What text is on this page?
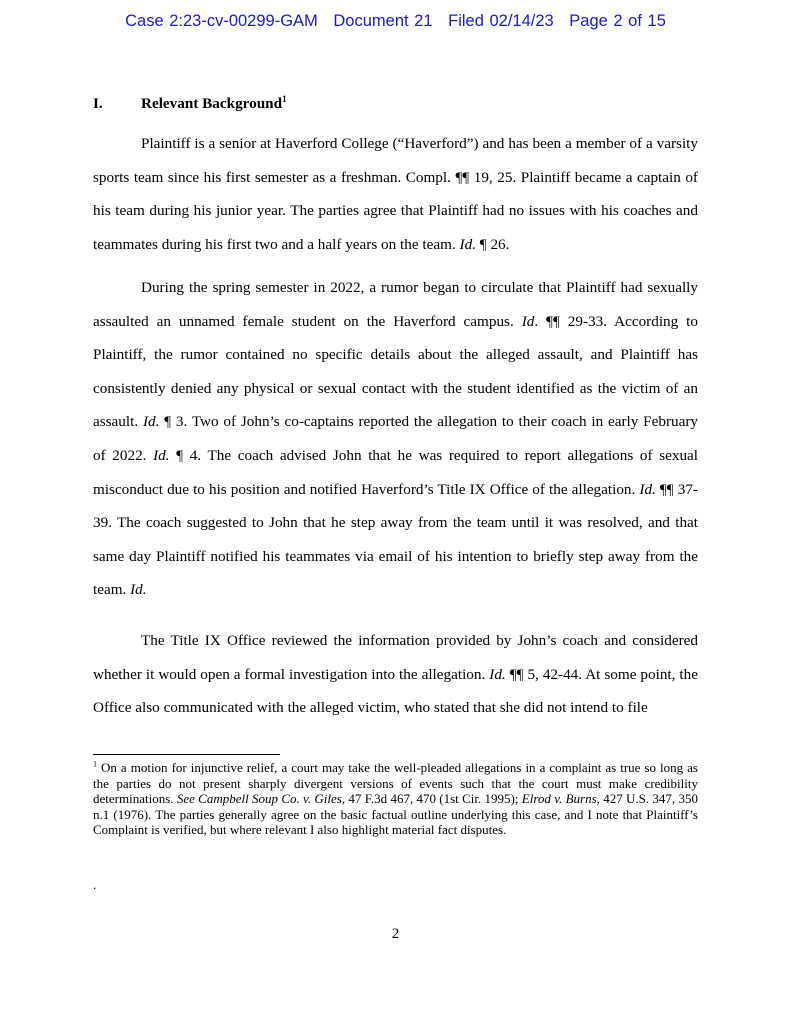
Case 2:23-cv-00299-GAM Document 21 Filed 02/14/23 Page 2 of 15
I.	Relevant Background$^1$

Plaintiff is a senior at Haverford College (“Haverford”) and has been a member of a varsity sports team since his first semester as a freshman. Compl. ¶¶ 19, 25. Plaintiff became a captain of his team during his junior year. The parties agree that Plaintiff had no issues with his coaches and teammates during his first two and a half years on the team. Id. ¶ 26.

During the spring semester in 2022, a rumor began to circulate that Plaintiff had sexually assaulted an unnamed female student on the Haverford campus. Id. ¶¶ 29-33. According to Plaintiff, the rumor contained no specific details about the alleged assault, and Plaintiff has consistently denied any physical or sexual contact with the student identified as the victim of an assault. Id. ¶ 3. Two of John’s co-captains reported the allegation to their coach in early February of 2022. Id. ¶ 4. The coach advised John that he was required to report allegations of sexual misconduct due to his position and notified Haverford’s Title IX Office of the allegation. Id. ¶¶ 37-39. The coach suggested to John that he step away from the team until it was resolved, and that same day Plaintiff notified his teammates via email of his intention to briefly step away from the team. Id.

The Title IX Office reviewed the information provided by John’s coach and considered whether it would open a formal investigation into the allegation. Id. ¶¶ 5, 42-44. At some point, the Office also communicated with the alleged victim, who stated that she did not intend to file

$^1$ On a motion for injunctive relief, a court may take the well-pleaded allegations in a complaint as true so long as the parties do not present sharply divergent versions of events such that the court must make credibility determinations. See Campbell Soup Co. v. Giles, 47 F.3d 467, 470 (1st Cir. 1995); Elrod v. Burns, 427 U.S. 347, 350 n.1 (1976). The parties generally agree on the basic factual outline underlying this case, and I note that Plaintiff’s Complaint is verified, but where relevant I also highlight material fact disputes.

.
2
